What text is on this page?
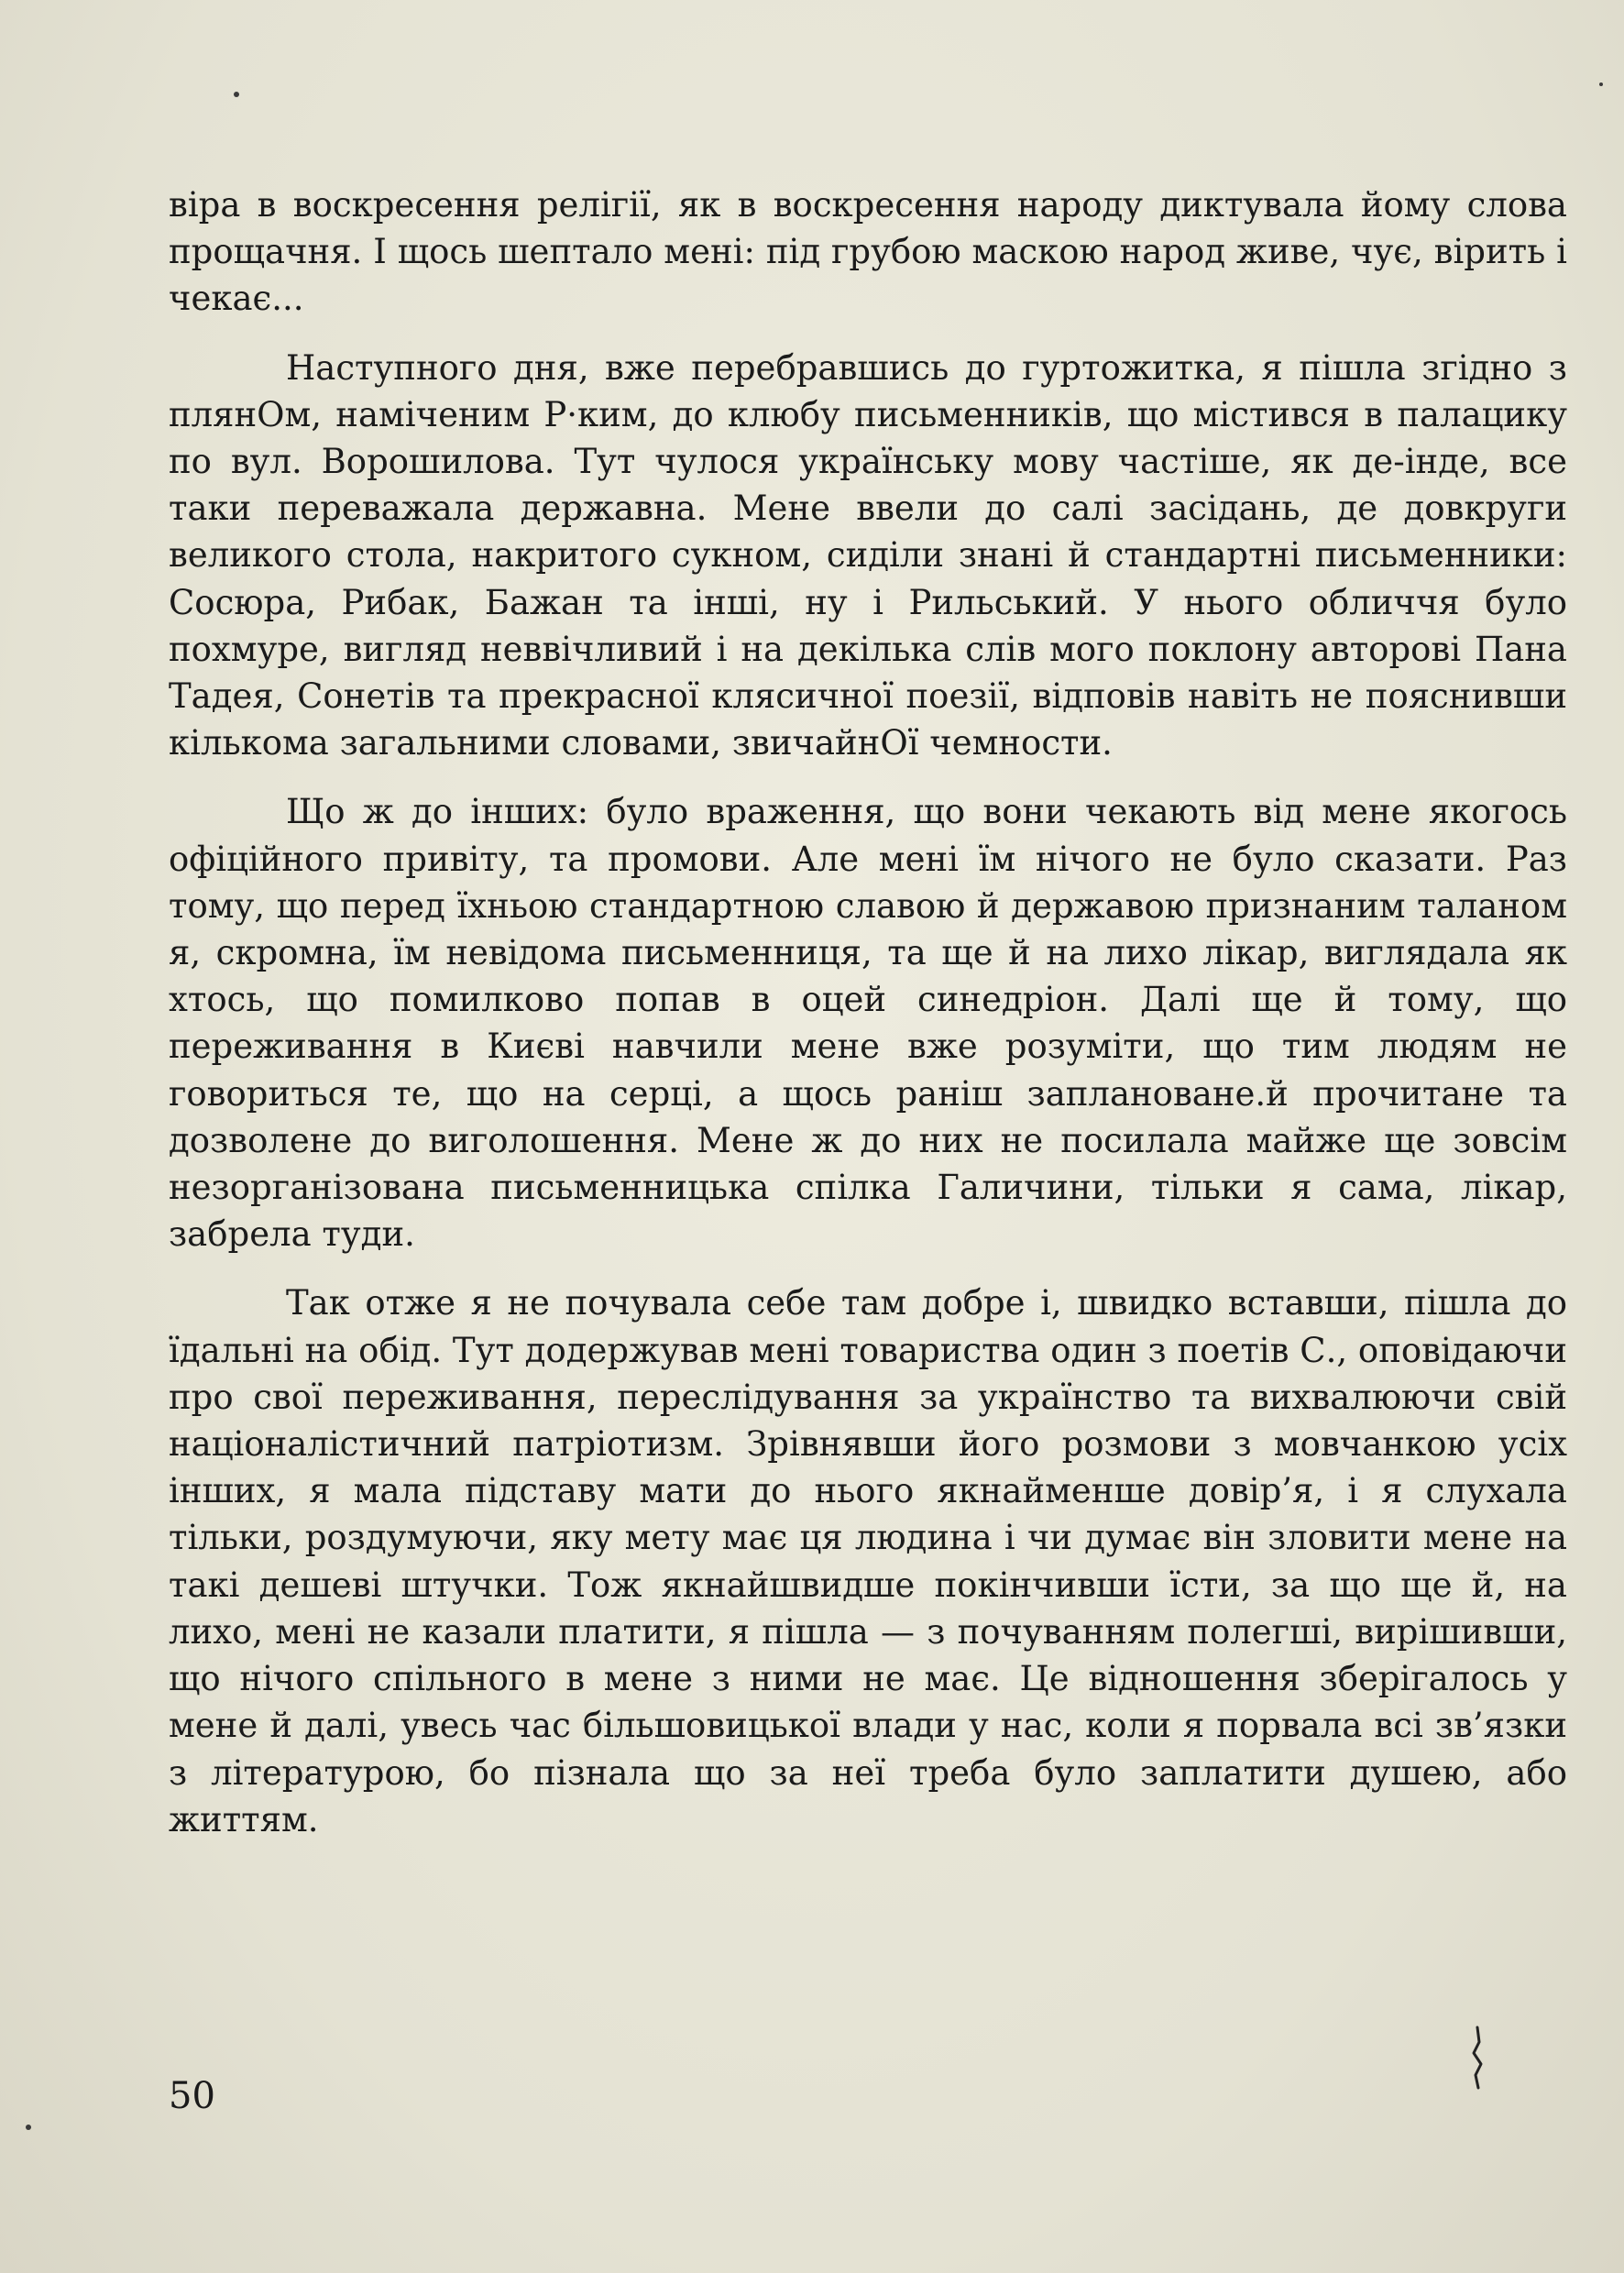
віра в воскресення релігії, як в воскресення народу диктувала йому слова прощачня. І щось шептало мені: під грубою маскою народ живе, чує, вірить і чекає...

Наступного дня, вже перебравшись до гуртожитка, я пішла згідно з плянОм, наміченим Р·ким, до клюбу письменників, що містився в палацику по вул. Ворошилова. Тут чулося українську мову частіше, як де-інде, все таки переважала державна. Мене ввели до салі засідань, де довкруги великого стола, накритого сукном, сиділи знані й стандартні письменники: Сосюра, Рибак, Бажан та інші, ну і Рильський. У нього обличчя було похмуре, вигляд неввічливий і на декілька слів мого поклону авторові Пана Тадея, Сонетів та прекрасної клясичної поезії, відповів навіть не пояснивши кількома загальними словами, звичайнОї чемности.

Що ж до інших: було враження, що вони чекають від мене якогось офіційного привіту, та промови. Але мені їм нічого не було сказати. Раз тому, що перед їхньою стандартною славою й державою признаним таланом я, скромна, їм невідома письменниця, та ще й на лихо лікар, виглядала як хтось, що помилково попав в оцей синедріон. Далі ще й тому, що переживання в Києві навчили мене вже розуміти, що тим людям не говориться те, що на серці, а щось раніш заплановане.й прочитане та дозволене до виголошення. Мене ж до них не посилала майже ще зовсім незорганізована письменницька спілка Галичини, тільки я сама, лікар, забрела туди.

Так отже я не почувала себе там добре і, швидко вставши, пішла до їдальні на обід. Тут додержував мені товариства один з поетів С., оповідаючи про свої переживання, переслідування за українство та вихвалюючи свій націоналістичний патріотизм. Зрівнявши його розмови з мовчанкою усіх інших, я мала підставу мати до нього якнайменше довір’я, і я слухала тільки, роздумуючи, яку мету має ця людина і чи думає він зловити мене на такі дешеві штучки. Тож якнайшвидше покінчивши їсти, за що ще й, на лихо, мені не казали платити, я пішла — з почуванням полегші, вирішивши, що нічого спільного в мене з ними не має. Це відношення зберігалось у мене й далі, увесь час більшовицької влади у нас, коли я порвала всі зв’язки з літературою, бо пізнала що за неї треба було заплатити душею, або життям.

50
